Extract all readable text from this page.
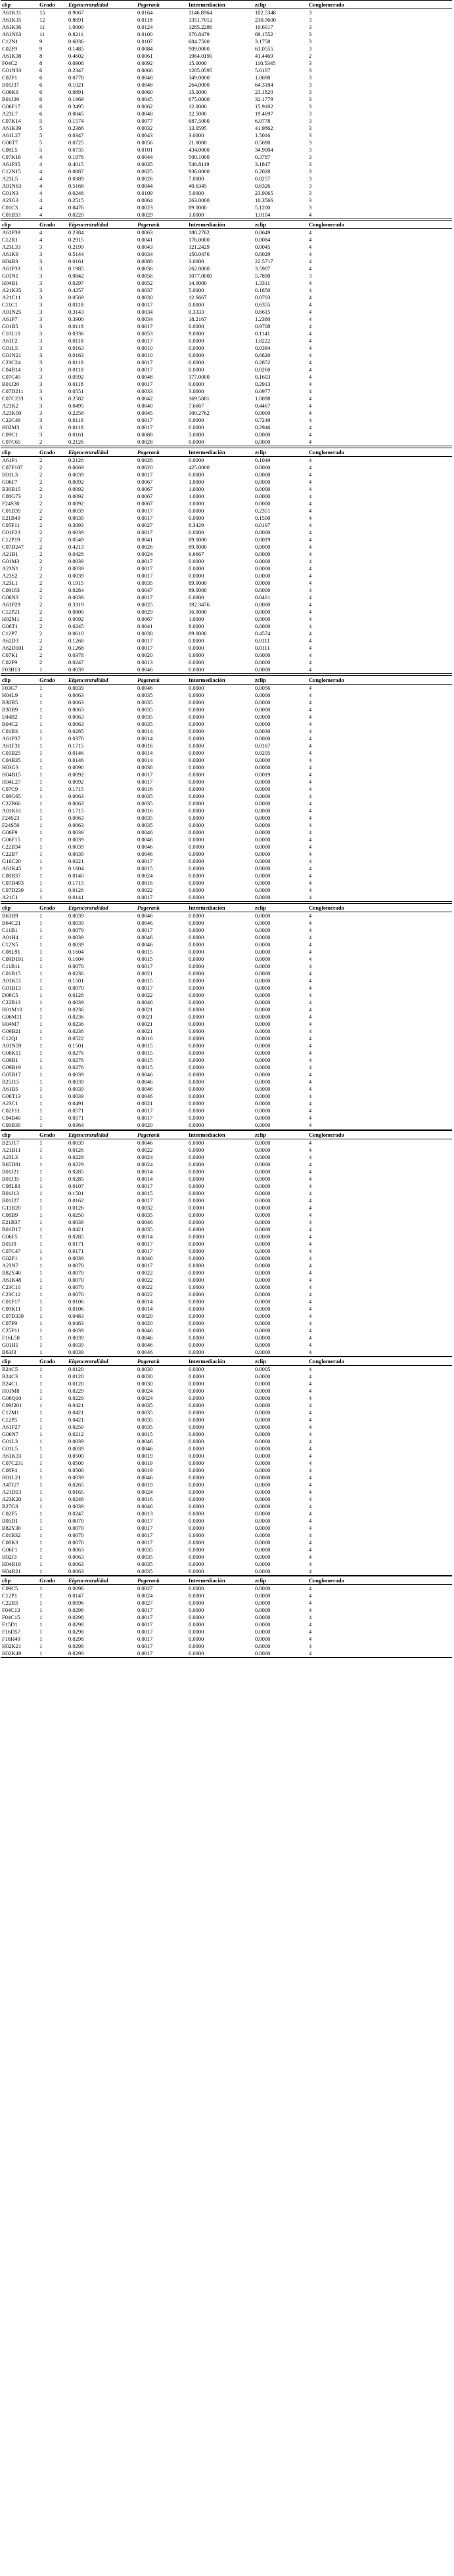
clip	Grado	Eigencentralidad	Pagerank	Intermediación	zclip	Conglomerado
A61K31	15	0.9067	0.0164	1146.8964	102.5348	3
A61K35	12	0.8691	0.0118	1351.7012	230.9600	3
A61K36	11	1.0000	0.0124	1285.2286	10.6017	3
A61N63	11	0.8211	0.0100	370.8479	69.1552	3
C12N1	9	0.6836	0.0107	684.7500	3.1758	3
C02F9	9	0.1485	0.0084	909.0000	63.0555	3
A61K38	8	0.4602	0.0061	1964.0190	41.4469	2
F04C2	8	0.0908	0.0092	15.0000	110.5345	3
G01N33	6	0.2347	0.0066	1285.0595	5.6167	3
C02F1	6	0.0778	0.0048	349.0000	1.0698	3
B01J37	6	0.1021	0.0048	264.0000	64.3184	3
G06K9	6	0.0891	0.0060	15.0000	23.1820	3
B01J29	6	0.1969	0.0045	675.0000	32.1779	3
G06F17	6	0.3495	0.0062	12.0000	15.9102	3
A23L7	6	0.0845	0.0048	12.5000	19.4697	3
C07K14	5	0.1574	0.0077	687.5000	6.0778	3
A61K39	5	0.2386	0.0032	13.0595	41.9862	3
A61L27	5	0.0347	0.0043	3.0000	1.5016	3
G06T7	5	0.0725	0.0056	21.0000	0.5690	3
C08L5	5	0.0735	0.0101	434.0000	34.9004	3
C07K16	4	0.1976	0.0044	500.1000	0.3787	3
A61P35	4	0.4015	0.0035	546.8119	3.1847	3
C12N15	4	0.0887	0.0025	936.0000	6.2028	3
A23L5	4	0.0389	0.0026	7.0000	0.8257	3
A01N63	4	0.5168	0.0044	40.6345	0.6326	3
G01N3	4	0.0248	0.0109	5.0000	23.9065	3
A23G3	4	0.2515	0.0064	263.0000	10.3566	3
C01C3	4	0.0476	0.0023	89.0000	5.1200	3
C01B33	4	0.0220	0.0029	1.0000	1.0104	4
clip	Grado	Eigencentralidad	Pagerank	Intermediación	zclip	Conglomerado
A61P39	4	0.2384	0.0063	188.2762	0.0649	4
C12R1	4	0.2915	0.0041	176.0000	0.0084	4
A23L33	3	0.2199	0.0043	121.2429	0.0045	4
A61K9	3	0.5144	0.0034	150.0476	0.0029	4
H04B3	3	0.0161	0.0088	3.0000	22.5717	4
A61P33	3	0.1985	0.0036	262.0000	3.5907	4
G01N1	3	0.0842	0.0056	1077.0000	5.7890	3
H04B1	3	0.0297	0.0052	14.0000	1.3311	4
A21K35	3	0.4257	0.0037	5.0000	0.1850	4
A21C11	3	0.0569	0.0030	12.6667	0.0703	4
C11C1	3	0.0118	0.0017	0.0000	0.6355	4
A01N25	3	0.3143	0.0034	0.3333	0.6615	4
A61P7	3	0.3900	0.0034	18.2167	1.2380	4
G01B5	3	0.0118	0.0017	0.0000	0.9708	4
C10L10	3	0.0336	0.0053	9.0000	0.1141	4
A61F2	3	0.0118	0.0017	0.0000	1.8222	4
G01L5	3	0.0163	0.0010	0.0000	0.0384	4
G01N21	3	0.0163	0.0010	0.0000	0.6820	4
C23C24	3	0.0118	0.0017	0.0000	0.2852	4
C04B14	3	0.0118	0.0017	0.0000	0.0260	4
C07C45	3	0.0592	0.0048	177.0000	0.1603	4
B01J20	3	0.0118	0.0017	0.0000	0.2913	4
C07D211	3	0.0551	0.0033	3.0000	0.0977	4
C07C233	3	0.2582	0.0042	169.5881	1.0898	4
A21K2	3	0.0495	0.0040	7.6667	0.4467	4
A23K50	3	0.2258	0.0045	100.2762	0.0000	4
C22C49	3	0.0118	0.0017	0.0000	0.7249	4
H02M3	3	0.0118	0.0017	0.0000	0.2946	4
C09C1	3	0.0161	0.0088	3.0000	0.0000	4
C07C65	2	0.2126	0.0028	0.0000	0.0000	4
clip	Grado	Eigencentralidad	Pagerank	Intermediación	zclip	Conglomerado
A61P1	2	0.2126	0.0028	0.0000	0.1049	4
C07F107	2	0.0669	0.0020	425.0000	0.0000	4
H01L3	2	0.0039	0.0017	0.0000	0.0000	4
G06F7	2	0.0092	0.0067	1.0000	0.0000	4
B30B15	2	0.0092	0.0067	1.0000	0.0000	4
C08G73	2	0.0092	0.0067	1.0000	0.0000	4
F24S30	2	0.0092	0.0067	1.0000	0.0000	4
C01B39	2	0.0039	0.0017	0.0000	0.2351	4
E21B49	2	0.0039	0.0017	0.0000	0.1500	4
C05F11	2	0.3093	0.0027	8.3429	0.0197	4
G01F23	2	0.0039	0.0017	0.0000	0.0000	4
C12P19	2	0.0549	0.0041	89.0000	0.0019	4
C07D247	2	0.4213	0.0026	89.0000	0.0000	4
A21B1	2	0.0428	0.0024	6.6667	0.0000	4
G01M3	2	0.0039	0.0017	0.0000	0.0000	4
A23N1	2	0.0039	0.0017	0.0000	0.0000	4
A23S2	2	0.0039	0.0017	0.0000	0.0000	4
A23L1	2	0.1915	0.0035	89.0000	0.0000	4
C09183	2	0.0284	0.0047	89.0000	0.0000	4
G06N3	2	0.0039	0.0017	0.0000	0.0461	4
A61P29	2	0.3319	0.0025	192.3476	0.0000	4
C12P21	2	0.0800	0.0029	36.0000	0.0000	4
H02M1	2	0.0092	0.0067	1.0000	0.0000	4
G06T1	2	0.0245	0.0041	8.0000	0.0000	4
C12P7	2	0.0610	0.0038	89.0000	0.4574	4
A62D3	2	0.1268	0.0017	0.0000	0.0111	4
A62D101	2	0.1268	0.0017	0.0000	0.0111	4
C07K1	2	0.0378	0.0020	0.0000	0.0000	4
C02F9	2	0.0247	0.0013	0.0000	0.0000	4
F03B13	1	0.0039	0.0046	0.0000	0.0000	4
clip	Grado	Eigencentralidad	Pagerank	Intermediación	zclip	Conglomerado
F03G7	1	0.0039	0.0046	0.0000	0.0056	4
H04L9	1	0.0063	0.0035	0.0000	0.0000	4
B30B5	1	0.0063	0.0035	0.0000	0.0000	4
B30B9	1	0.0063	0.0035	0.0000	0.0000	4
E04B2	1	0.0063	0.0035	0.0000	0.0000	4
B04C2	1	0.0063	0.0035	0.0000	0.0000	4
C01B3	1	0.0285	0.0014	0.0000	0.0030	4
A61P37	1	0.0378	0.0014	0.0000	0.0000	4
A61F31	1	0.1715	0.0016	0.0000	0.0167	4
C01B25	1	0.0146	0.0014	0.0000	0.0205	4
C04B35	1	0.0146	0.0014	0.0000	0.0000	4
H03G3	1	0.0090	0.0036	0.0000	0.0000	4
H04B15	1	0.0092	0.0017	0.0000	0.0019	4
H04L27	1	0.0092	0.0017	0.0000	0.0000	4
C07C9	1	0.1715	0.0016	0.0000	0.0000	4
C08G65	1	0.0063	0.0035	0.0000	0.0000	4
C22B60	1	0.0063	0.0035	0.0000	0.0000	4
A01K61	1	0.1715	0.0016	0.0000	0.0000	4
F24S23	1	0.0063	0.0035	0.0000	0.0000	4
F24S50	1	0.0063	0.0035	0.0000	0.0000	4
G06F9	1	0.0039	0.0046	0.0000	0.0000	4
G06F15	1	0.0039	0.0046	0.0000	0.0000	4
C22B34	1	0.0039	0.0046	0.0000	0.0000	4
C22B7	1	0.0039	0.0046	0.0000	0.0000	4
G16C20	1	0.0221	0.0017	0.0000	0.0000	4
A61K45	1	0.1604	0.0015	0.0000	0.0000	4
C08B37	1	0.0140	0.0024	0.0000	0.0000	4
C07D493	1	0.1715	0.0016	0.0000	0.0000	4
C07D239	1	0.0126	0.0022	0.0000	0.0000	4
A21C1	1	0.0141	0.0017	0.0000	0.0000	4
clip	Grado	Eigencentralidad	Pagerank	Intermediación	zclip	Conglomerado
B63H9	1	0.0039	0.0046	0.0000	0.0000	4
B64C21	1	0.0039	0.0046	0.0000	0.0000	4
C11B1	1	0.0070	0.0017	0.0000	0.0000	4
A01H4	1	0.0039	0.0046	0.0000	0.0000	4
C12N5	1	0.0039	0.0046	0.0000	0.0000	4
C08L91	1	0.1604	0.0015	0.0000	0.0000	4
C09D191	1	0.1604	0.0015	0.0000	0.0000	4
C11B11	1	0.0070	0.0017	0.0000	0.0000	4
C01B15	1	0.0236	0.0021	0.0000	0.0000	4
A01K51	1	0.1501	0.0015	0.0000	0.0000	4
G01B13	1	0.0070	0.0017	0.0000	0.0000	4
D06C5	1	0.0126	0.0022	0.0000	0.0000	4
C22B13	1	0.0039	0.0046	0.0000	0.0000	4
H01M10	1	0.0236	0.0021	0.0000	0.0000	4
G06M11	1	0.0236	0.0021	0.0000	0.0000	4
H04M7	1	0.0236	0.0021	0.0000	0.0000	4
G09B21	1	0.0236	0.0021	0.0000	0.0000	4
C12Q1	1	0.0522	0.0016	0.0000	0.0000	4
A01N59	1	0.1501	0.0015	0.0000	0.0000	4
G06K11	1	0.0276	0.0015	0.0000	0.0000	4
G09B1	1	0.0276	0.0015	0.0000	0.0000	4
G09B19	1	0.0276	0.0015	0.0000	0.0000	4
G05B17	1	0.0039	0.0046	0.0000	0.0000	4
B25J15	1	0.0039	0.0046	0.0000	0.0000	4
A61B5	1	0.0039	0.0046	0.0000	0.0000	4
G06T13	1	0.0039	0.0046	0.0000	0.0000	4
A23C1	1	0.0491	0.0021	0.0000	0.0000	4
C02F11	1	0.0571	0.0017	0.0000	0.0000	4
C04B40	1	0.0571	0.0017	0.0000	0.0000	4
C09B30	1	0.0364	0.0020	0.0000	0.0000	4
clip	Grado	Eigencentralidad	Pagerank	Intermediación	zclip	Conglomerado
B25J17	1	0.0039	0.0046	0.0000	0.0000	4
A21B11	1	0.0126	0.0022	0.0000	0.0000	4
A23L3	1	0.0229	0.0024	0.0000	0.0000	4
B65D81	1	0.0229	0.0024	0.0000	0.0000	4
B01J21	1	0.0285	0.0014	0.0000	0.0000	4
B01J35	1	0.0285	0.0014	0.0000	0.0000	4
C08L83	1	0.0107	0.0017	0.0000	0.0000	4
B01J13	1	0.1501	0.0015	0.0000	0.0000	4
B01J27	1	0.0162	0.0017	0.0000	0.0000	4
G11B20	1	0.0126	0.0032	0.0000	0.0000	4
C08B9	1	0.0250	0.0035	0.0000	0.0000	4
E21B37	1	0.0039	0.0046	0.0000	0.0000	4
B01D17	1	0.0421	0.0035	0.0000	0.0000	4
G06F5	1	0.0285	0.0014	0.0000	0.0000	4
B01J9	1	0.0171	0.0017	0.0000	0.0000	4
C07C47	1	0.0171	0.0017	0.0000	0.0000	4
G02F1	1	0.0039	0.0046	0.0000	0.0000	4
A23N7	1	0.0070	0.0017	0.0000	0.0000	4
B82Y40	1	0.0070	0.0022	0.0000	0.0000	4
A61K48	1	0.0070	0.0022	0.0000	0.0000	4
C23C10	1	0.0070	0.0022	0.0000	0.0000	4
C23C12	1	0.0070	0.0022	0.0000	0.0000	4
C01F17	1	0.0106	0.0014	0.0000	0.0000	4
C09K11	1	0.0106	0.0014	0.0000	0.0000	4
C07D339	1	0.0483	0.0020	0.0000	0.0000	4
C07F9	1	0.0483	0.0020	0.0000	0.0000	4
C25F11	1	0.0039	0.0046	0.0000	0.0000	4
F16L58	1	0.0039	0.0046	0.0000	0.0000	4
G01H1	1	0.0039	0.0046	0.0000	0.0000	4
B63J3	1	0.0039	0.0046	0.0000	0.0000	4
clip	Grado	Eigencentralidad	Pagerank	Intermediación	zclip	Conglomerado
B24C5	1	0.0120	0.0030	0.0000	0.0005	4
B24C3	1	0.0120	0.0030	0.0000	0.0000	4
B24C1	1	0.0120	0.0030	0.0000	0.0000	4
H01M8	1	0.0229	0.0024	0.0000	0.0000	4
G06Q10	1	0.0229	0.0024	0.0000	0.0000	4
C09J201	1	0.0421	0.0035	0.0000	0.0000	4
C12M1	1	0.0421	0.0035	0.0000	0.0000	4
C12P5	1	0.0421	0.0035	0.0000	0.0000	4
A61P27	1	0.0250	0.0035	0.0000	0.0000	4
G06N7	1	0.0212	0.0015	0.0000	0.0000	4
G01L3	1	0.0039	0.0046	0.0000	0.0000	4
G01L5	1	0.0039	0.0046	0.0000	0.0000	4
A61K33	1	0.0500	0.0019	0.0000	0.0000	4
C07C231	1	0.0500	0.0019	0.0000	0.0000	4
C08F4	1	0.0500	0.0019	0.0000	0.0000	4
H01L21	1	0.0039	0.0046	0.0000	0.0000	4
A47J27	1	0.0265	0.0019	0.0000	0.0000	4
A21D13	1	0.0165	0.0024	0.0000	0.0000	4
A23K20	1	0.0248	0.0016	0.0000	0.0000	4
B27G3	1	0.0039	0.0046	0.0000	0.0000	4
C02F5	1	0.0247	0.0013	0.0000	0.0000	4
B05D1	1	0.0070	0.0017	0.0000	0.0000	4
B82Y30	1	0.0070	0.0017	0.0000	0.0000	4
C01B32	1	0.0070	0.0017	0.0000	0.0000	4
C08K3	1	0.0070	0.0017	0.0000	0.0000	4
G06F1	1	0.0063	0.0035	0.0000	0.0000	4
H02J3	1	0.0063	0.0035	0.0000	0.0000	4
H04R19	1	0.0063	0.0035	0.0000	0.0000	4
H04R21	1	0.0063	0.0035	0.0000	0.0000	4
clip	Grado	Eigencentralidad	Pagerank	Intermediación	zclip	Conglomerado
C09C5	1	0.0096	0.0027	0.0000	0.0000	4
C12P1	1	0.0147	0.0024	0.0000	0.0000	4
C22B3	1	0.0096	0.0027	0.0000	0.0000	4
F04C13	1	0.0298	0.0017	0.0000	0.0000	4
F04C15	1	0.0298	0.0017	0.0000	0.0000	4
F15D1	1	0.0298	0.0017	0.0000	0.0000	4
F16D57	1	0.0298	0.0017	0.0000	0.0000	4
F16H49	1	0.0298	0.0017	0.0000	0.0000	4
H02K21	1	0.0298	0.0017	0.0000	0.0000	4
H02K49	1	0.0298	0.0017	0.0000	0.0000	4
